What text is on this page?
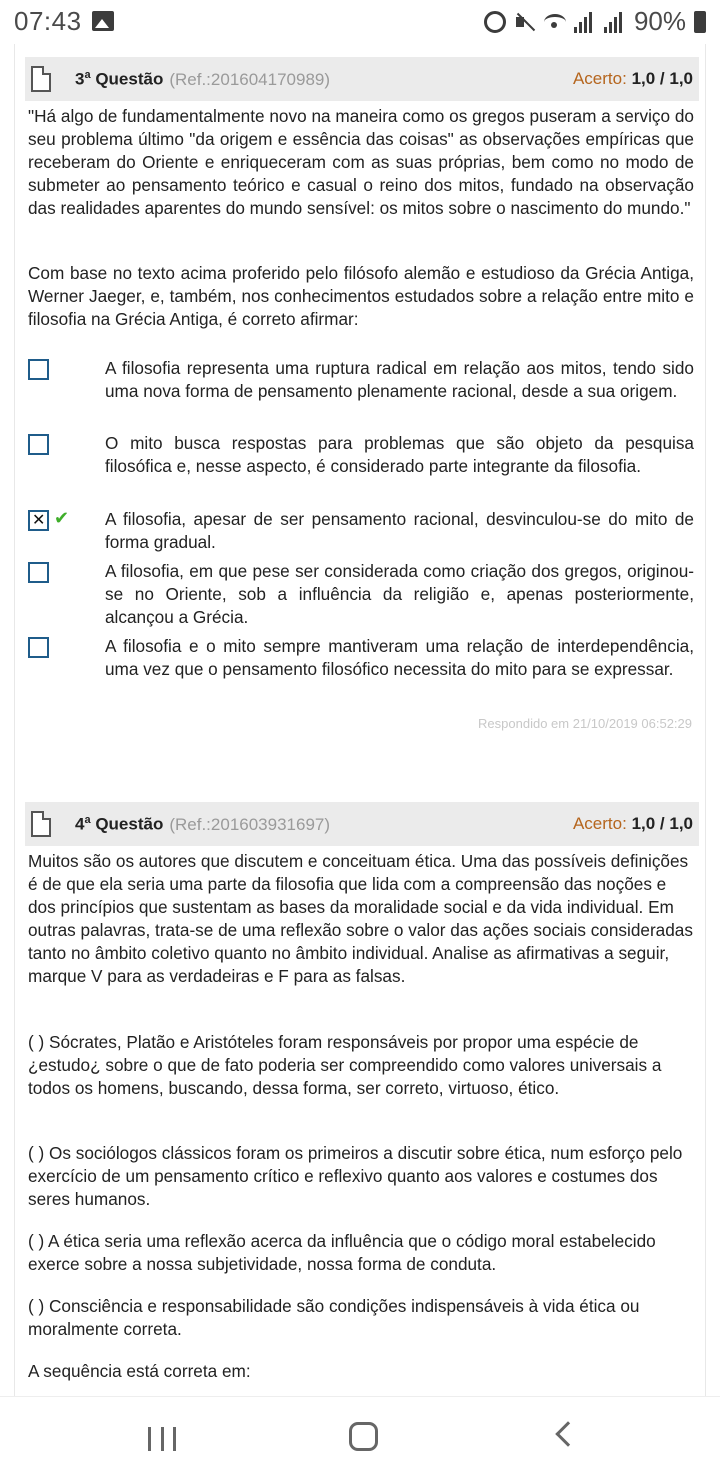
07:43	90%
3$^a$ Questão (Ref.:201604170989)	Acerto: 1,0 / 1,0
"Há algo de fundamentalmente novo na maneira como os gregos puseram a serviço do seu problema último "da origem e essência das coisas" as observações empíricas que receberam do Oriente e enriqueceram com as suas próprias, bem como no modo de submeter ao pensamento teórico e casual o reino dos mitos, fundado na observação das realidades aparentes do mundo sensível: os mitos sobre o nascimento do mundo."
Com base no texto acima proferido pelo filósofo alemão e estudioso da Grécia Antiga, Werner Jaeger, e, também, nos conhecimentos estudados sobre a relação entre mito e filosofia na Grécia Antiga, é correto afirmar:
A filosofia representa uma ruptura radical em relação aos mitos, tendo sido uma nova forma de pensamento plenamente racional, desde a sua origem.
O mito busca respostas para problemas que são objeto da pesquisa filosófica e, nesse aspecto, é considerado parte integrante da filosofia.
✕
✔ A filosofia, apesar de ser pensamento racional, desvinculou-se do mito de forma gradual.
A filosofia, em que pese ser considerada como criação dos gregos, originou-se no Oriente, sob a influência da religião e, apenas posteriormente, alcançou a Grécia.
A filosofia e o mito sempre mantiveram uma relação de interdependência, uma vez que o pensamento filosófico necessita do mito para se expressar.
Respondido em 21/10/2019 06:52:29
4$^a$ Questão (Ref.:201603931697)	Acerto: 1,0 / 1,0
Muitos são os autores que discutem e conceituam ética. Uma das possíveis definições é de que ela seria uma parte da filosofia que lida com a compreensão das noções e dos princípios que sustentam as bases da moralidade social e da vida individual. Em outras palavras, trata-se de uma reflexão sobre o valor das ações sociais consideradas tanto no âmbito coletivo quanto no âmbito individual. Analise as afirmativas a seguir, marque V para as verdadeiras e F para as falsas.
( ) Sócrates, Platão e Aristóteles foram responsáveis por propor uma espécie de ¿estudo¿ sobre o que de fato poderia ser compreendido como valores universais a todos os homens, buscando, dessa forma, ser correto, virtuoso, ético.
( ) Os sociólogos clássicos foram os primeiros a discutir sobre ética, num esforço pelo exercício de um pensamento crítico e reflexivo quanto aos valores e costumes dos seres humanos.
( ) A ética seria uma reflexão acerca da influência que o código moral estabelecido exerce sobre a nossa subjetividade, nossa forma de conduta.
( ) Consciência e responsabilidade são condições indispensáveis à vida ética ou moralmente correta.
A sequência está correta em:
